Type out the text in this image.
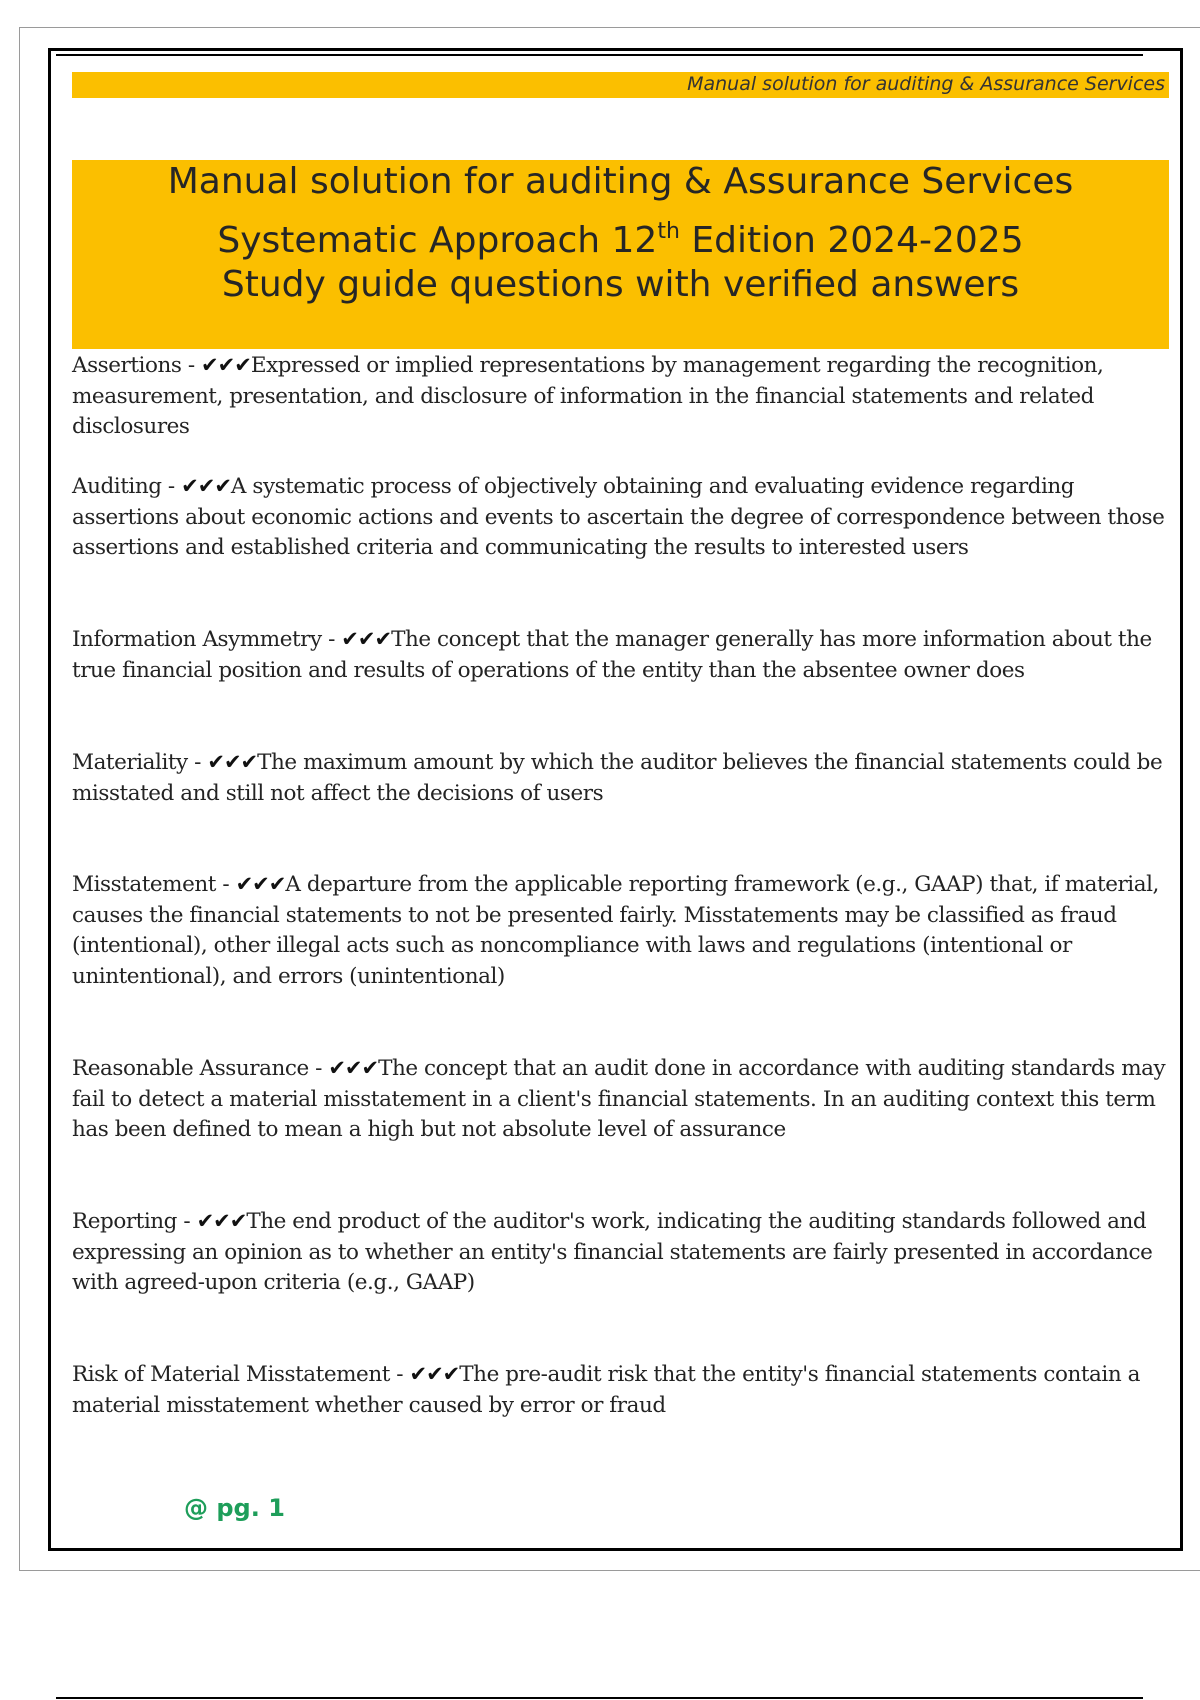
Manual solution for auditing & Assurance Services
Manual solution for auditing & Assurance Services
Systematic Approach 12th Edition 2024-2025
Study guide questions with verified answers
Assertions - ✔✔✔Expressed or implied representations by management regarding the recognition, measurement, presentation, and disclosure of information in the financial statements and related disclosures
Auditing - ✔✔✔A systematic process of objectively obtaining and evaluating evidence regarding assertions about economic actions and events to ascertain the degree of correspondence between those assertions and established criteria and communicating the results to interested users
Information Asymmetry - ✔✔✔The concept that the manager generally has more information about the true financial position and results of operations of the entity than the absentee owner does
Materiality - ✔✔✔The maximum amount by which the auditor believes the financial statements could be misstated and still not affect the decisions of users
Misstatement - ✔✔✔A departure from the applicable reporting framework (e.g., GAAP) that, if material, causes the financial statements to not be presented fairly. Misstatements may be classified as fraud (intentional), other illegal acts such as noncompliance with laws and regulations (intentional or unintentional), and errors (unintentional)
Reasonable Assurance - ✔✔✔The concept that an audit done in accordance with auditing standards may fail to detect a material misstatement in a client's financial statements. In an auditing context this term has been defined to mean a high but not absolute level of assurance
Reporting - ✔✔✔The end product of the auditor's work, indicating the auditing standards followed and expressing an opinion as to whether an entity's financial statements are fairly presented in accordance with agreed-upon criteria (e.g., GAAP)
Risk of Material Misstatement - ✔✔✔The pre-audit risk that the entity's financial statements contain a material misstatement whether caused by error or fraud
@ pg. 1
